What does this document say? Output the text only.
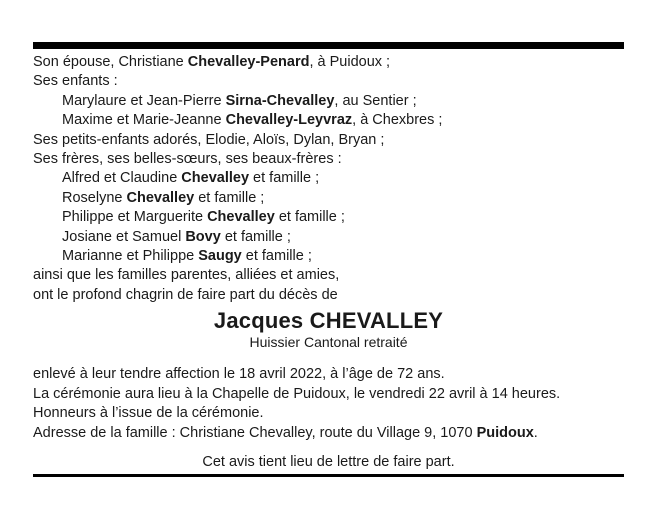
Son épouse, Christiane Chevalley-Penard, à Puidoux ;
Ses enfants :
Marylaure et Jean-Pierre Sirna-Chevalley, au Sentier ;
Maxime et Marie-Jeanne Chevalley-Leyvraz, à Chexbres ;
Ses petits-enfants adorés, Elodie, Aloïs, Dylan, Bryan ;
Ses frères, ses belles-sœurs, ses beaux-frères :
Alfred et Claudine Chevalley et famille ;
Roselyne Chevalley et famille ;
Philippe et Marguerite Chevalley et famille ;
Josiane et Samuel Bovy et famille ;
Marianne et Philippe Saugy et famille ;
ainsi que les familles parentes, alliées et amies,
ont le profond chagrin de faire part du décès de
Jacques CHEVALLEY
Huissier Cantonal retraité
enlevé à leur tendre affection le 18 avril 2022, à l’âge de 72 ans.
La cérémonie aura lieu à la Chapelle de Puidoux, le vendredi 22 avril à 14 heures.
Honneurs à l’issue de la cérémonie.
Adresse de la famille : Christiane Chevalley, route du Village 9, 1070 Puidoux.
Cet avis tient lieu de lettre de faire part.
